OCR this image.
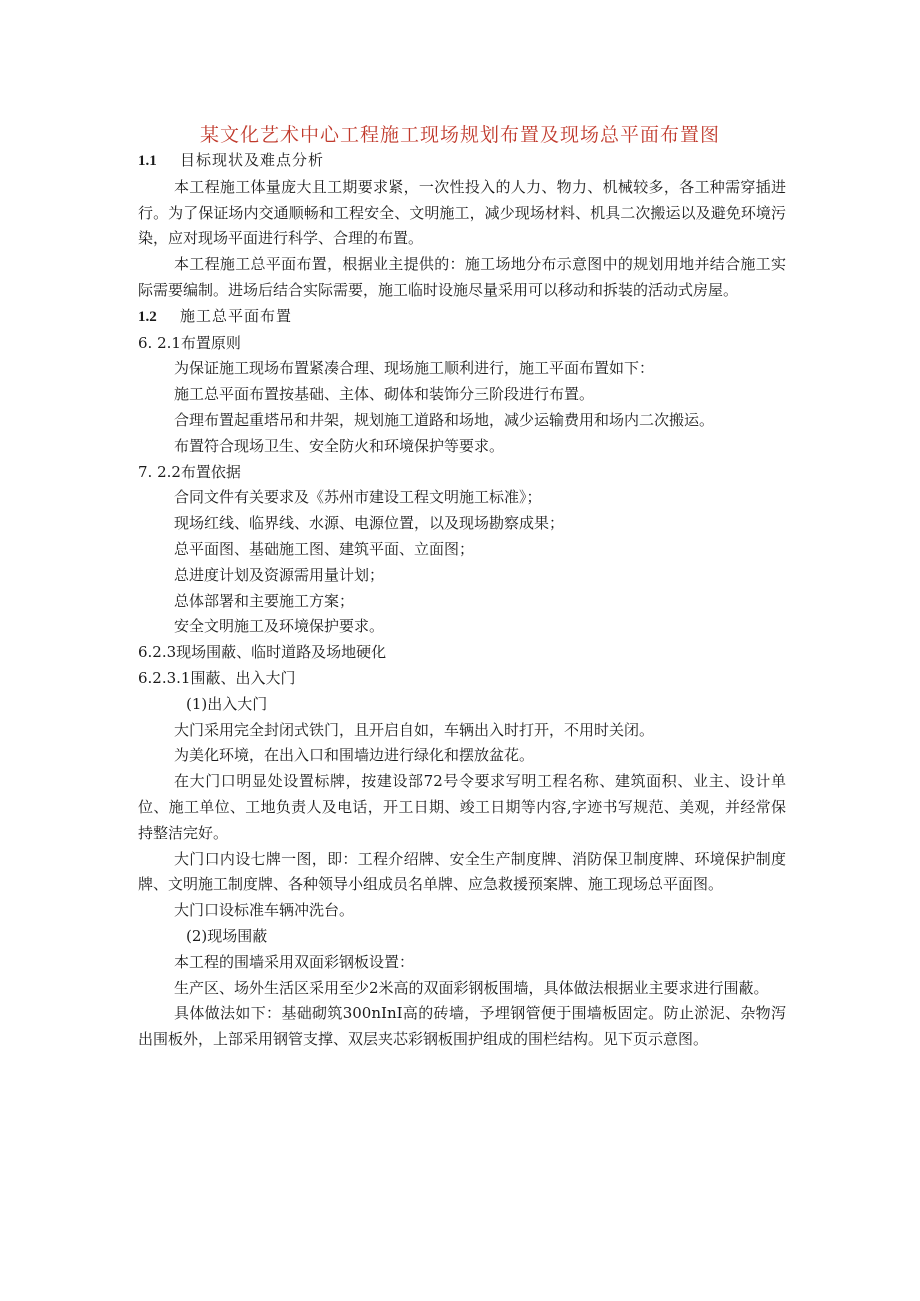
某文化艺术中心工程施工现场规划布置及现场总平面布置图
1.1 目标现状及难点分析

本工程施工体量庞大且工期要求紧，一次性投入的人力、物力、机械较多，各工种需穿插进行。为了保证场内交通顺畅和工程安全、文明施工，减少现场材料、机具二次搬运以及避免环境污染，应对现场平面进行科学、合理的布置。

本工程施工总平面布置，根据业主提供的：施工场地分布示意图中的规划用地并结合施工实际需要编制。进场后结合实际需要，施工临时设施尽量采用可以移动和拆装的活动式房屋。

1.2 施工总平面布置

6. 2.1布置原则

为保证施工现场布置紧凑合理、现场施工顺利进行，施工平面布置如下：

施工总平面布置按基础、主体、砌体和装饰分三阶段进行布置。

合理布置起重塔吊和井架，规划施工道路和场地，减少运输费用和场内二次搬运。

布置符合现场卫生、安全防火和环境保护等要求。

7. 2.2布置依据

合同文件有关要求及《苏州市建设工程文明施工标准》；

现场红线、临界线、水源、电源位置，以及现场勘察成果；

总平面图、基础施工图、建筑平面、立面图；

总进度计划及资源需用量计划；

总体部署和主要施工方案；

安全文明施工及环境保护要求。

6.2.3现场围蔽、临时道路及场地硬化

6.2.3.1围蔽、出入大门

(1)出入大门

大门采用完全封闭式铁门，且开启自如，车辆出入时打开，不用时关闭。

为美化环境，在出入口和围墙边进行绿化和摆放盆花。

在大门口明显处设置标牌，按建设部72号令要求写明工程名称、建筑面积、业主、设计单位、施工单位、工地负责人及电话，开工日期、竣工日期等内容,字迹书写规范、美观，并经常保持整洁完好。

大门口内设七牌一图，即：工程介绍牌、安全生产制度牌、消防保卫制度牌、环境保护制度牌、文明施工制度牌、各种领导小组成员名单牌、应急救援预案牌、施工现场总平面图。

大门口设标准车辆冲洗台。

(2)现场围蔽

本工程的围墙采用双面彩钢板设置：

生产区、场外生活区采用至少2米高的双面彩钢板围墙，具体做法根据业主要求进行围蔽。

具体做法如下：基础砌筑300nInI高的砖墙，予埋钢管便于围墙板固定。防止淤泥、杂物泻出围板外，上部采用钢管支撑、双层夹芯彩钢板围护组成的围栏结构。见下页示意图。
